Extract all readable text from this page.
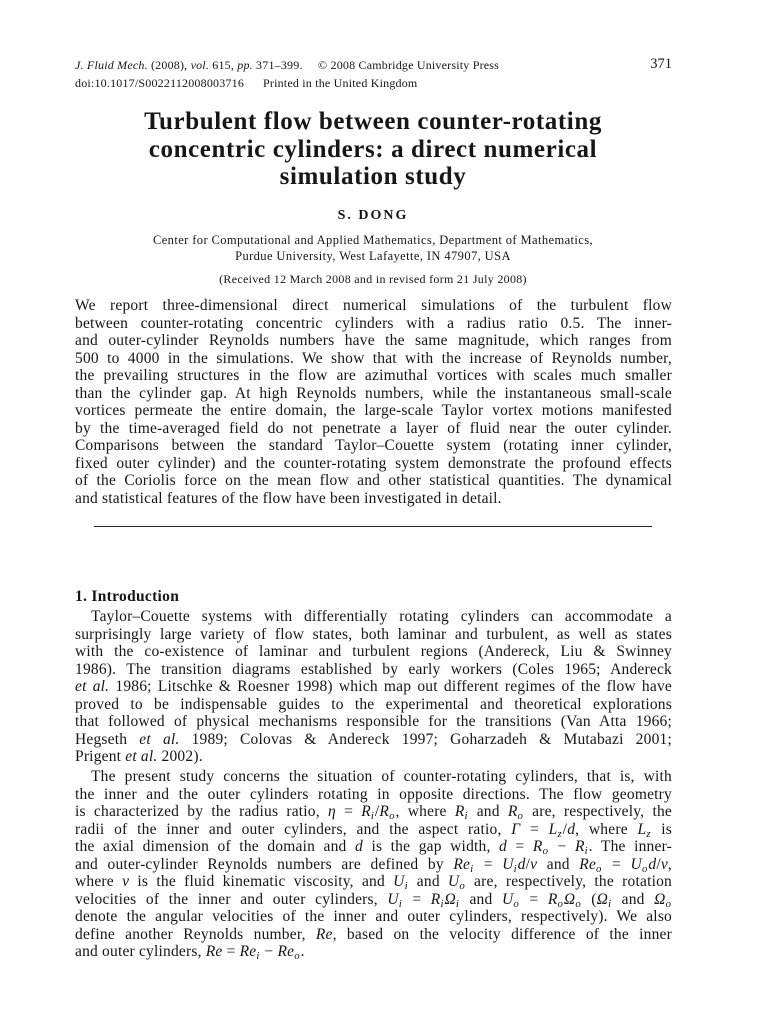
J. Fluid Mech. (2008), vol. 615, pp. 371–399. © 2008 Cambridge University Press	371
doi:10.1017/S0022112008003716 Printed in the United Kingdom
Turbulent flow between counter-rotating
concentric cylinders: a direct numerical
simulation study
S. DONG
Center for Computational and Applied Mathematics, Department of Mathematics,
Purdue University, West Lafayette, IN 47907, USA
(Received 12 March 2008 and in revised form 21 July 2008)
We report three-dimensional direct numerical simulations of the turbulent flow
between counter-rotating concentric cylinders with a radius ratio 0.5. The inner-
and outer-cylinder Reynolds numbers have the same magnitude, which ranges from
500 to 4000 in the simulations. We show that with the increase of Reynolds number,
the prevailing structures in the flow are azimuthal vortices with scales much smaller
than the cylinder gap. At high Reynolds numbers, while the instantaneous small-scale
vortices permeate the entire domain, the large-scale Taylor vortex motions manifested
by the time-averaged field do not penetrate a layer of fluid near the outer cylinder.
Comparisons between the standard Taylor–Couette system (rotating inner cylinder,
fixed outer cylinder) and the counter-rotating system demonstrate the profound effects
of the Coriolis force on the mean flow and other statistical quantities. The dynamical
and statistical features of the flow have been investigated in detail.
1. Introduction
Taylor–Couette systems with differentially rotating cylinders can accommodate a
surprisingly large variety of flow states, both laminar and turbulent, as well as states
with the co-existence of laminar and turbulent regions (Andereck, Liu & Swinney
1986). The transition diagrams established by early workers (Coles 1965; Andereck
et al. 1986; Litschke & Roesner 1998) which map out different regimes of the flow have
proved to be indispensable guides to the experimental and theoretical explorations
that followed of physical mechanisms responsible for the transitions (Van Atta 1966;
Hegseth et al. 1989; Colovas & Andereck 1997; Goharzadeh & Mutabazi 2001;
Prigent et al. 2002).
The present study concerns the situation of counter-rotating cylinders, that is, with
the inner and the outer cylinders rotating in opposite directions. The flow geometry
is characterized by the radius ratio, η = Ri/Ro, where Ri and Ro are, respectively, the
radii of the inner and outer cylinders, and the aspect ratio, Γ = Lz/d, where Lz is
the axial dimension of the domain and d is the gap width, d = Ro − Ri. The inner-
and outer-cylinder Reynolds numbers are defined by Rei = Uid/ν and Reo = Uod/ν,
where ν is the fluid kinematic viscosity, and Ui and Uo are, respectively, the rotation
velocities of the inner and outer cylinders, Ui = RiΩi and Uo = RoΩo (Ωi and Ωo
denote the angular velocities of the inner and outer cylinders, respectively). We also
define another Reynolds number, Re, based on the velocity difference of the inner
and outer cylinders, Re = Rei − Reo.
